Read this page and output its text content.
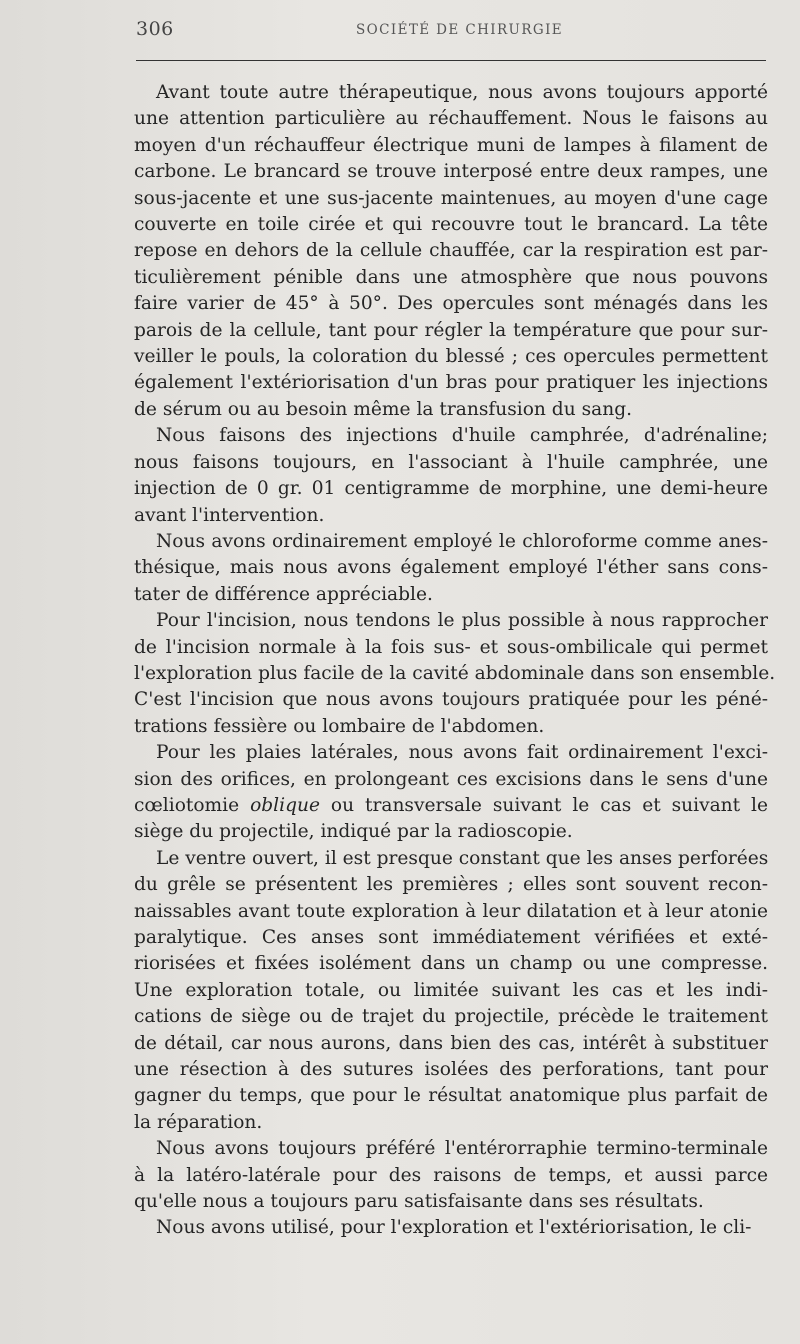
306	SOCIÉTÉ DE CHIRURGIE
Avant toute autre thérapeutique, nous avons toujours apporté
une attention particulière au réchauffement. Nous le faisons au
moyen d'un réchauffeur électrique muni de lampes à filament de
carbone. Le brancard se trouve interposé entre deux rampes, une
sous-jacente et une sus-jacente maintenues, au moyen d'une cage
couverte en toile cirée et qui recouvre tout le brancard. La tête
repose en dehors de la cellule chauffée, car la respiration est par-
ticulièrement pénible dans une atmosphère que nous pouvons
faire varier de 45° à 50°. Des opercules sont ménagés dans les
parois de la cellule, tant pour régler la température que pour sur-
veiller le pouls, la coloration du blessé ; ces opercules permettent
également l'extériorisation d'un bras pour pratiquer les injections
de sérum ou au besoin même la transfusion du sang.
Nous faisons des injections d'huile camphrée, d'adrénaline;
nous faisons toujours, en l'associant à l'huile camphrée, une
injection de 0 gr. 01 centigramme de morphine, une demi-heure
avant l'intervention.
Nous avons ordinairement employé le chloroforme comme anes-
thésique, mais nous avons également employé l'éther sans cons-
tater de différence appréciable.
Pour l'incision, nous tendons le plus possible à nous rapprocher
de l'incision normale à la fois sus- et sous-ombilicale qui permet
l'exploration plus facile de la cavité abdominale dans son ensemble.
C'est l'incision que nous avons toujours pratiquée pour les péné-
trations fessière ou lombaire de l'abdomen.
Pour les plaies latérales, nous avons fait ordinairement l'exci-
sion des orifices, en prolongeant ces excisions dans le sens d'une
cœliotomie oblique ou transversale suivant le cas et suivant le
siège du projectile, indiqué par la radioscopie.
Le ventre ouvert, il est presque constant que les anses perforées
du grêle se présentent les premières ; elles sont souvent recon-
naissables avant toute exploration à leur dilatation et à leur atonie
paralytique. Ces anses sont immédiatement vérifiées et exté-
riorisées et fixées isolément dans un champ ou une compresse.
Une exploration totale, ou limitée suivant les cas et les indi-
cations de siège ou de trajet du projectile, précède le traitement
de détail, car nous aurons, dans bien des cas, intérêt à substituer
une résection à des sutures isolées des perforations, tant pour
gagner du temps, que pour le résultat anatomique plus parfait de
la réparation.
Nous avons toujours préféré l'entérorraphie termino-terminale
à la latéro-latérale pour des raisons de temps, et aussi parce
qu'elle nous a toujours paru satisfaisante dans ses résultats.
Nous avons utilisé, pour l'exploration et l'extériorisation, le cli-
